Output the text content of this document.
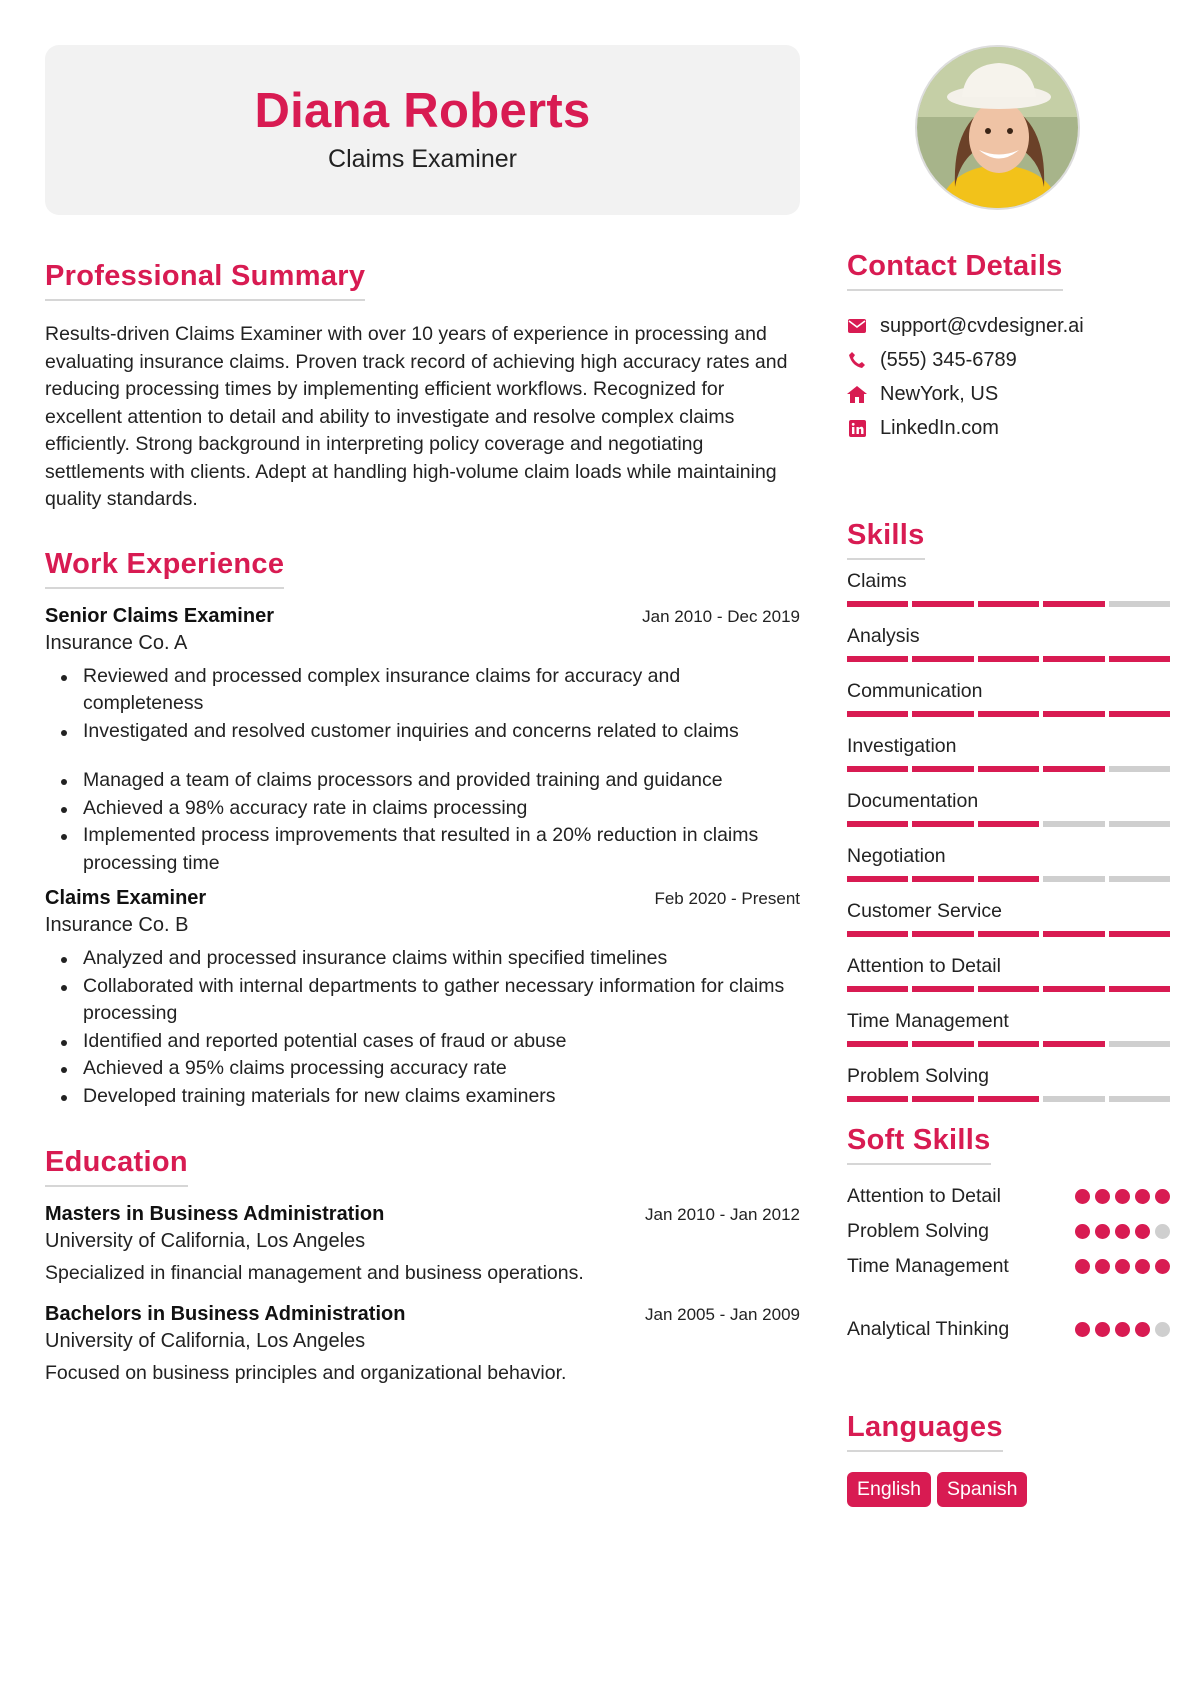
Diana Roberts
Claims Examiner
Professional Summary
Results-driven Claims Examiner with over 10 years of experience in processing and evaluating insurance claims. Proven track record of achieving high accuracy rates and reducing processing times by implementing efficient workflows. Recognized for excellent attention to detail and ability to investigate and resolve complex claims efficiently. Strong background in interpreting policy coverage and negotiating settlements with clients. Adept at handling high-volume claim loads while maintaining quality standards.
Work Experience
Senior Claims Examiner	Jan 2010 - Dec 2019
Insurance Co. A
Reviewed and processed complex insurance claims for accuracy and completeness
Investigated and resolved customer inquiries and concerns related to claims
Managed a team of claims processors and provided training and guidance
Achieved a 98% accuracy rate in claims processing
Implemented process improvements that resulted in a 20% reduction in claims processing time
Claims Examiner	Feb 2020 - Present
Insurance Co. B
Analyzed and processed insurance claims within specified timelines
Collaborated with internal departments to gather necessary information for claims processing
Identified and reported potential cases of fraud or abuse
Achieved a 95% claims processing accuracy rate
Developed training materials for new claims examiners
Education
Masters in Business Administration	Jan 2010 - Jan 2012
University of California, Los Angeles
Specialized in financial management and business operations.
Bachelors in Business Administration	Jan 2005 - Jan 2009
University of California, Los Angeles
Focused on business principles and organizational behavior.
Contact Details
support@cvdesigner.ai
(555) 345-6789
NewYork, US
LinkedIn.com
Skills
Claims
Analysis
Communication
Investigation
Documentation
Negotiation
Customer Service
Attention to Detail
Time Management
Problem Solving
Soft Skills
Attention to Detail
Problem Solving
Time Management
Analytical Thinking
Languages
English	Spanish
